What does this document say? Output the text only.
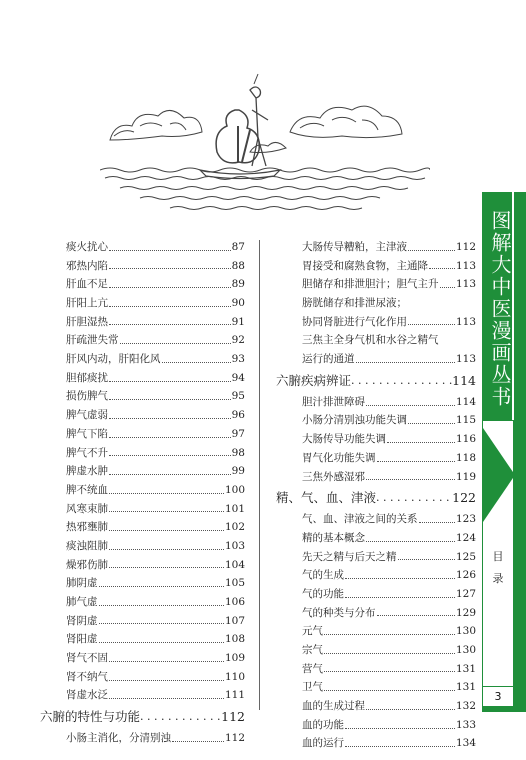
痰火扰心	87
邪热内陷	88
肝血不足	89
肝阳上亢	90
肝胆湿热	91
肝疏泄失常	92
肝风内动，肝阳化风	93
胆郁痰扰	94
损伤脾气	95
脾气虚弱	96
脾气下陷	97
脾气不升	98
脾虚水肿	99
脾不统血	100
风寒束肺	101
热邪壅肺	102
痰浊阻肺	103
燥邪伤肺	104
肺阴虚	105
肺气虚	106
肾阴虚	107
肾阳虚	108
肾气不固	109
肾不纳气	110
肾虚水泛	111
六腑的特性与功能 . . .	112
小肠主消化，分清别浊	112
大肠传导糟粕，主津液	112
胃接受和腐熟食物，主通降	113
胆储存和排泄胆汁；胆气主升 113
膀胱储存和排泄尿液；
协同肾脏进行气化作用	113
三焦主全身气机和水谷之精气
运行的通道	113
六腑疾病辨证 . . .	114
胆汁排泄障碍	114
小肠分清别浊功能失调	115
大肠传导功能失调	116
胃气化功能失调	118
三焦外感湿邪	119
精、气、血、津液 . . .	122
气、血、津液之间的关系	123
精的基本概念	124
先天之精与后天之精	125
气的生成	126
气的功能	127
气的种类与分布	129
元气	130
宗气	130
营气	131
卫气	131
血的生成过程	132
血的功能	133
血的运行	134
图解大中医漫画丛书
目
录
3
